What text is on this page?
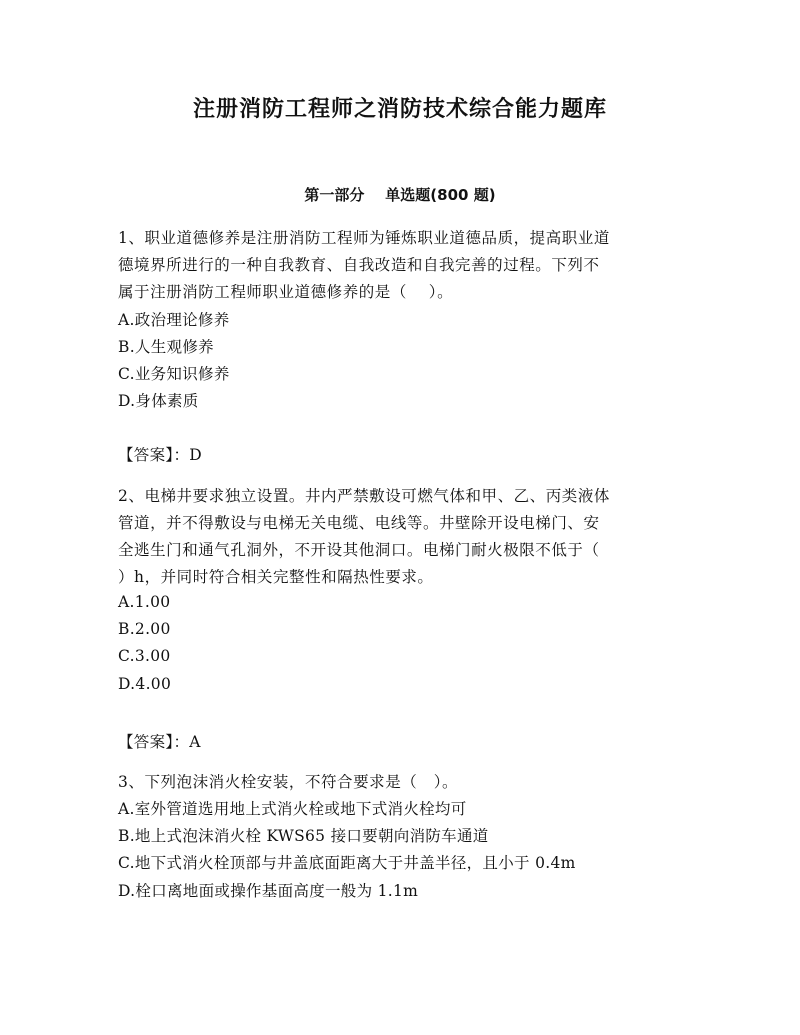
注册消防工程师之消防技术综合能力题库
第一部分    单选题(800 题)

1、职业道德修养是注册消防工程师为锤炼职业道德品质，提高职业道

德境界所进行的一种自我教育、自我改造和自我完善的过程。下列不

属于注册消防工程师职业道德修养的是（    ）。

A.政治理论修养

B.人生观修养

C.业务知识修养

D.身体素质

【答案】：D

2、电梯井要求独立设置。井内严禁敷设可燃气体和甲、乙、丙类液体

管道，并不得敷设与电梯无关电缆、电线等。井壁除开设电梯门、安

全逃生门和通气孔洞外，不开设其他洞口。电梯门耐火极限不低于（

）h，并同时符合相关完整性和隔热性要求。

A.1.00

B.2.00

C.3.00

D.4.00

【答案】：A

3、下列泡沫消火栓安装，不符合要求是（   ）。

A.室外管道选用地上式消火栓或地下式消火栓均可

B.地上式泡沫消火栓 KWS65 接口要朝向消防车通道

C.地下式消火栓顶部与井盖底面距离大于井盖半径，且小于 0.4m

D.栓口离地面或操作基面高度一般为 1.1m
